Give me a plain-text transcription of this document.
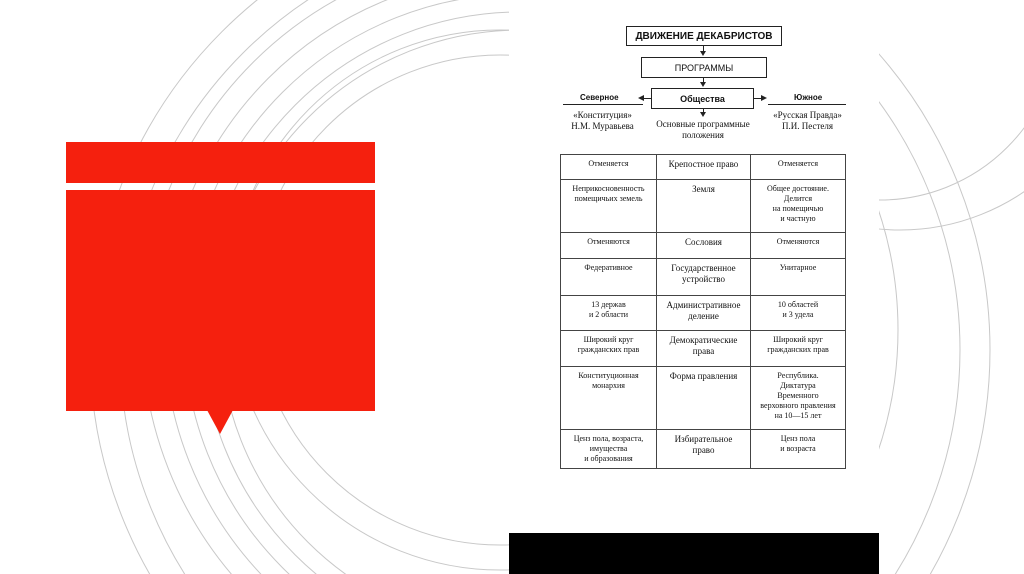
ДВИЖЕНИЕ ДЕКАБРИСТОВ
ПРОГРАММЫ
Общества
Северное
«Конституция»
Н.М. Муравьева
Южное
«Русская Правда»
П.И. Пестеля
Основные программные
положения
Отменяется	Крепостное право	Отменяется
Неприкосновенность
помещичьих земель	Земля	Общее достояние.
Делится
на помещичью
и частную
Отменяются	Сословия	Отменяются
Федеративное	Государственное
устройство	Унитарное
13 держав
и 2 области	Административное
деление	10 областей
и 3 удела
Широкий круг
гражданских прав	Демократические
права	Широкий круг
гражданских прав
Конституционная
монархия	Форма правления	Республика.
Диктатура
Временного
верховного правления
на 10—15 лет
Ценз пола, возраста,
имущества
и образования	Избирательное
право	Ценз пола
и возраста
